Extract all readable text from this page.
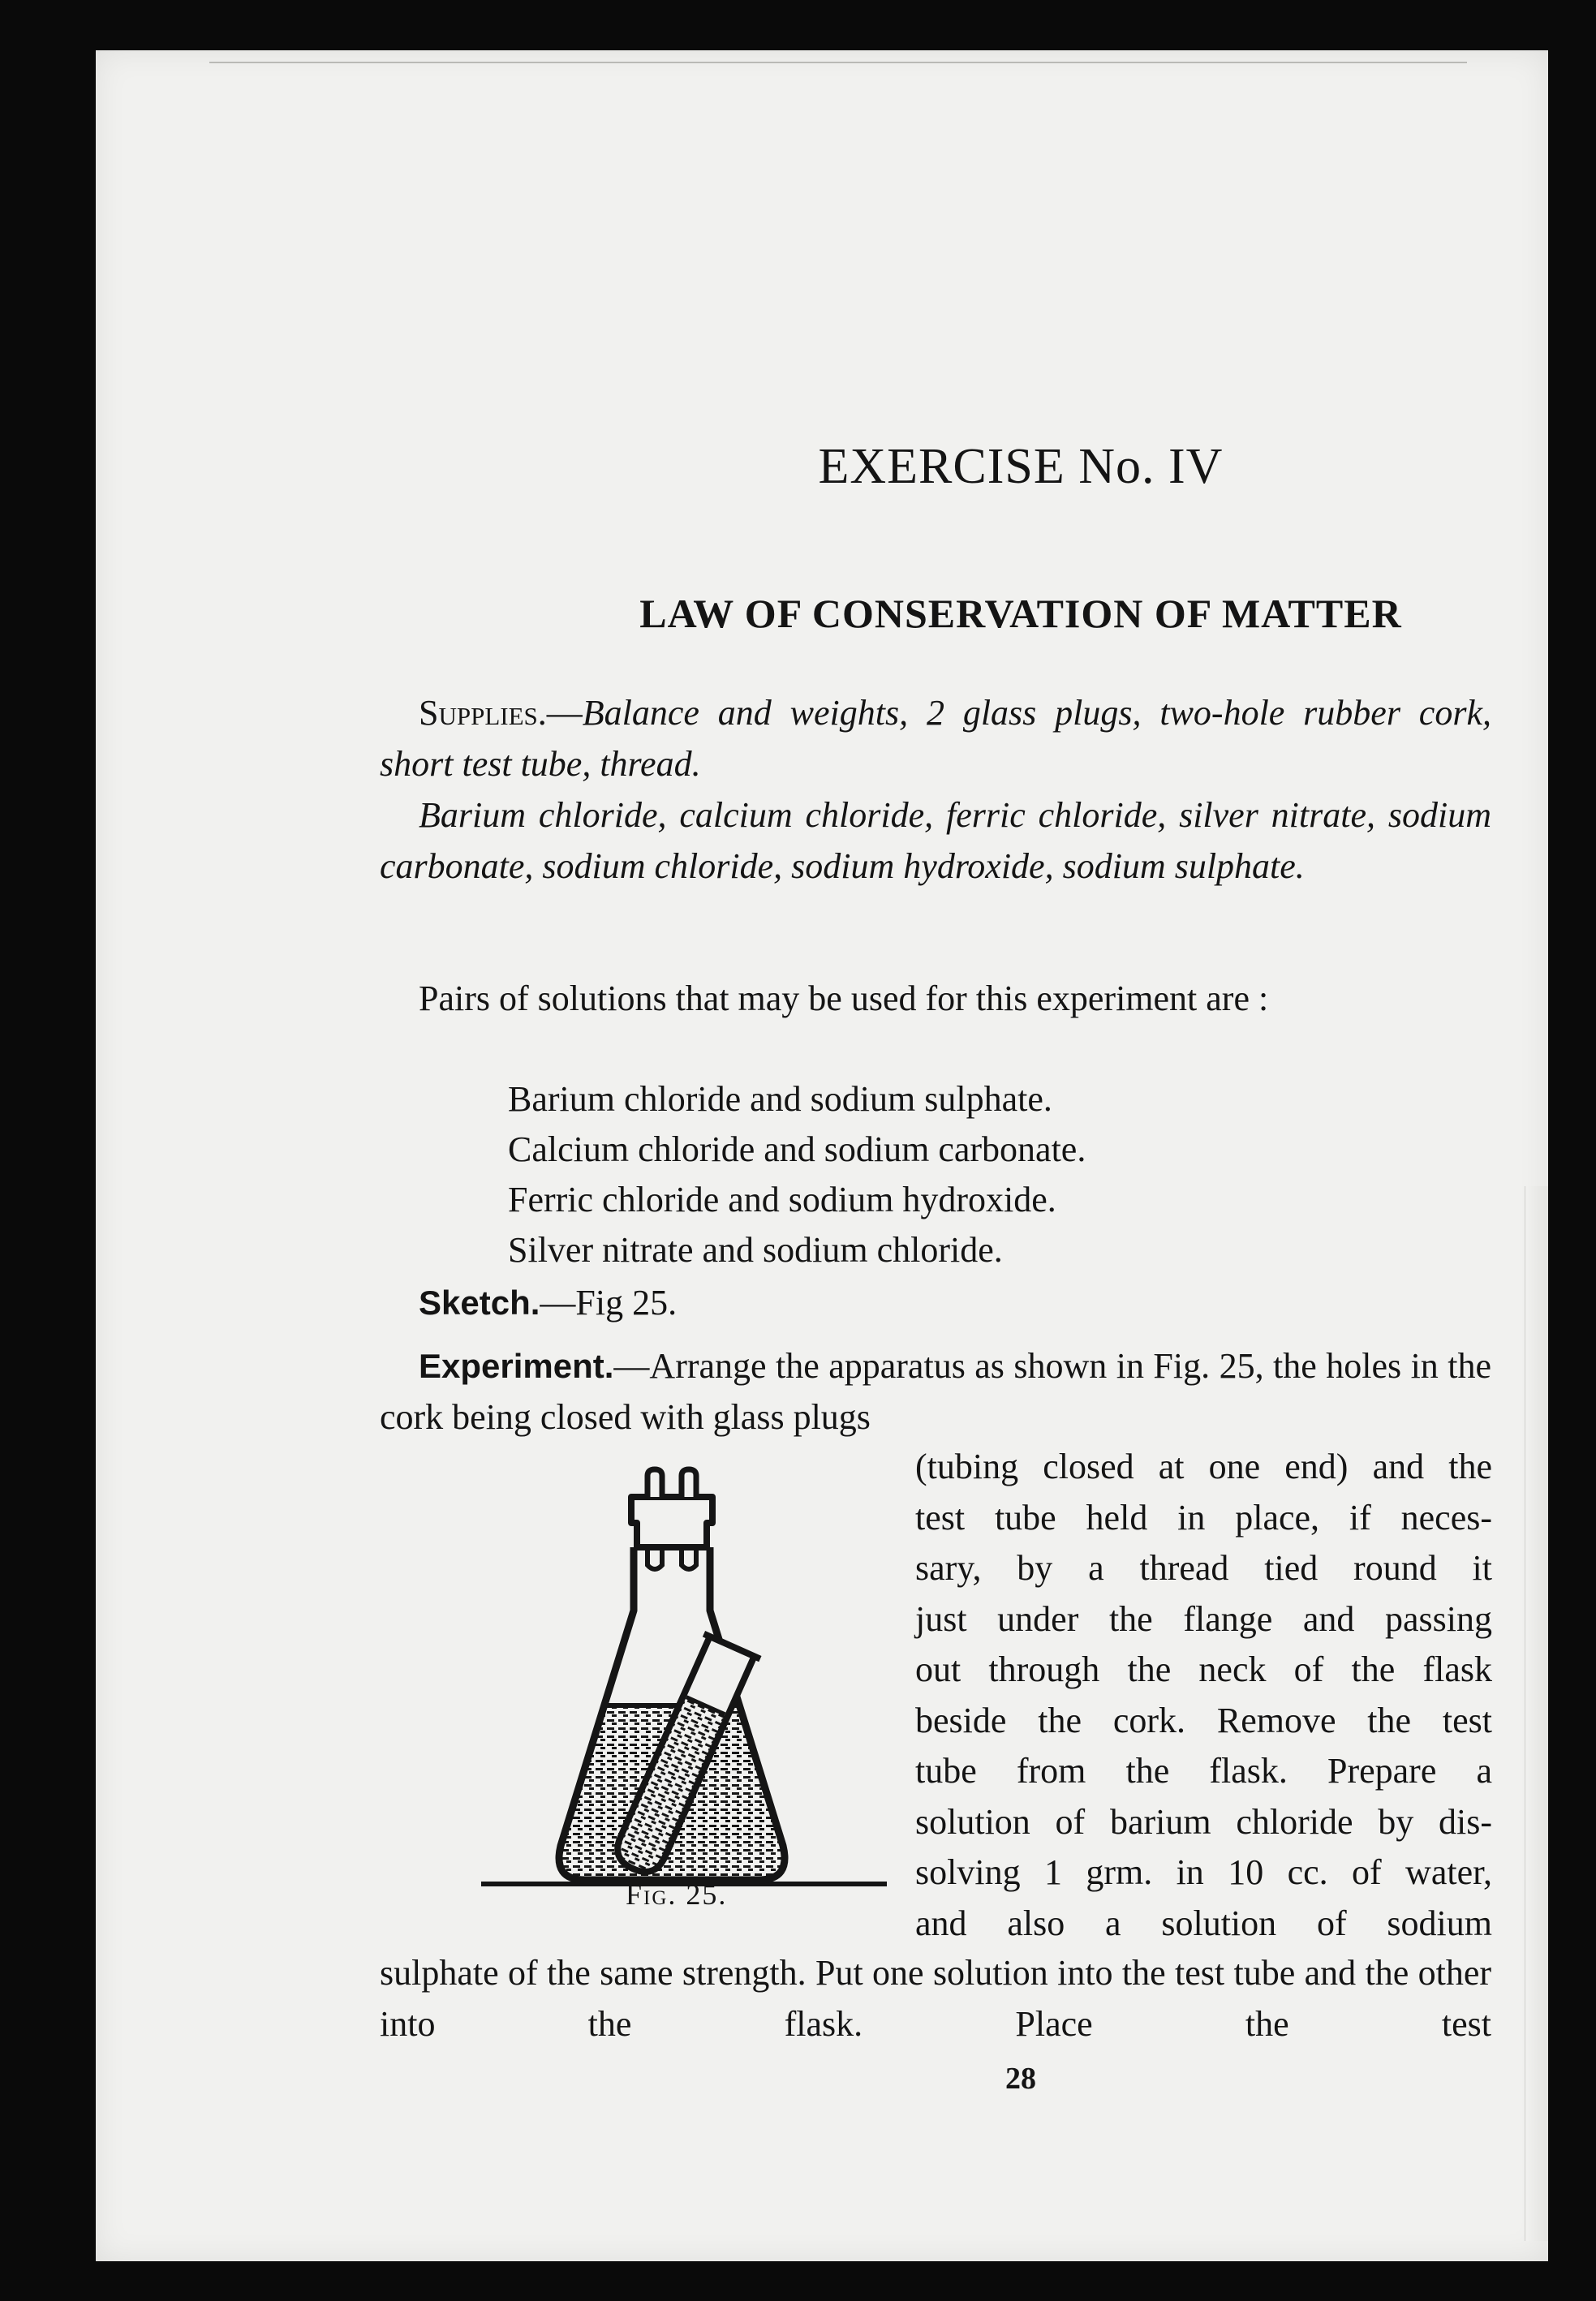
EXERCISE No. IV
LAW OF CONSERVATION OF MATTER
Supplies.—Balance and weights, 2 glass plugs, two-hole rubber cork, short test tube, thread.
Barium chloride, calcium chloride, ferric chloride, silver nitrate, sodium carbonate, sodium chloride, sodium hydroxide, sodium sulphate.
Pairs of solutions that may be used for this experiment are :
Barium chloride and sodium sulphate.
Calcium chloride and sodium carbonate.
Ferric chloride and sodium hydroxide.
Silver nitrate and sodium chloride.
Sketch.—Fig 25.
Experiment.—Arrange the apparatus as shown in Fig. 25, the holes in the cork being closed with glass plugs
(tubing closed at one end) and the
test tube held in place, if neces-
sary, by a thread tied round it
just under the flange and passing
out through the neck of the flask
beside the cork. Remove the test
tube from the flask. Prepare a
solution of barium chloride by dis-
solving 1 grm. in 10 cc. of water,
and also a solution of sodium
Fig. 25.
sulphate of the same strength. Put one solution into the test tube and the other into the flask. Place the test
28
